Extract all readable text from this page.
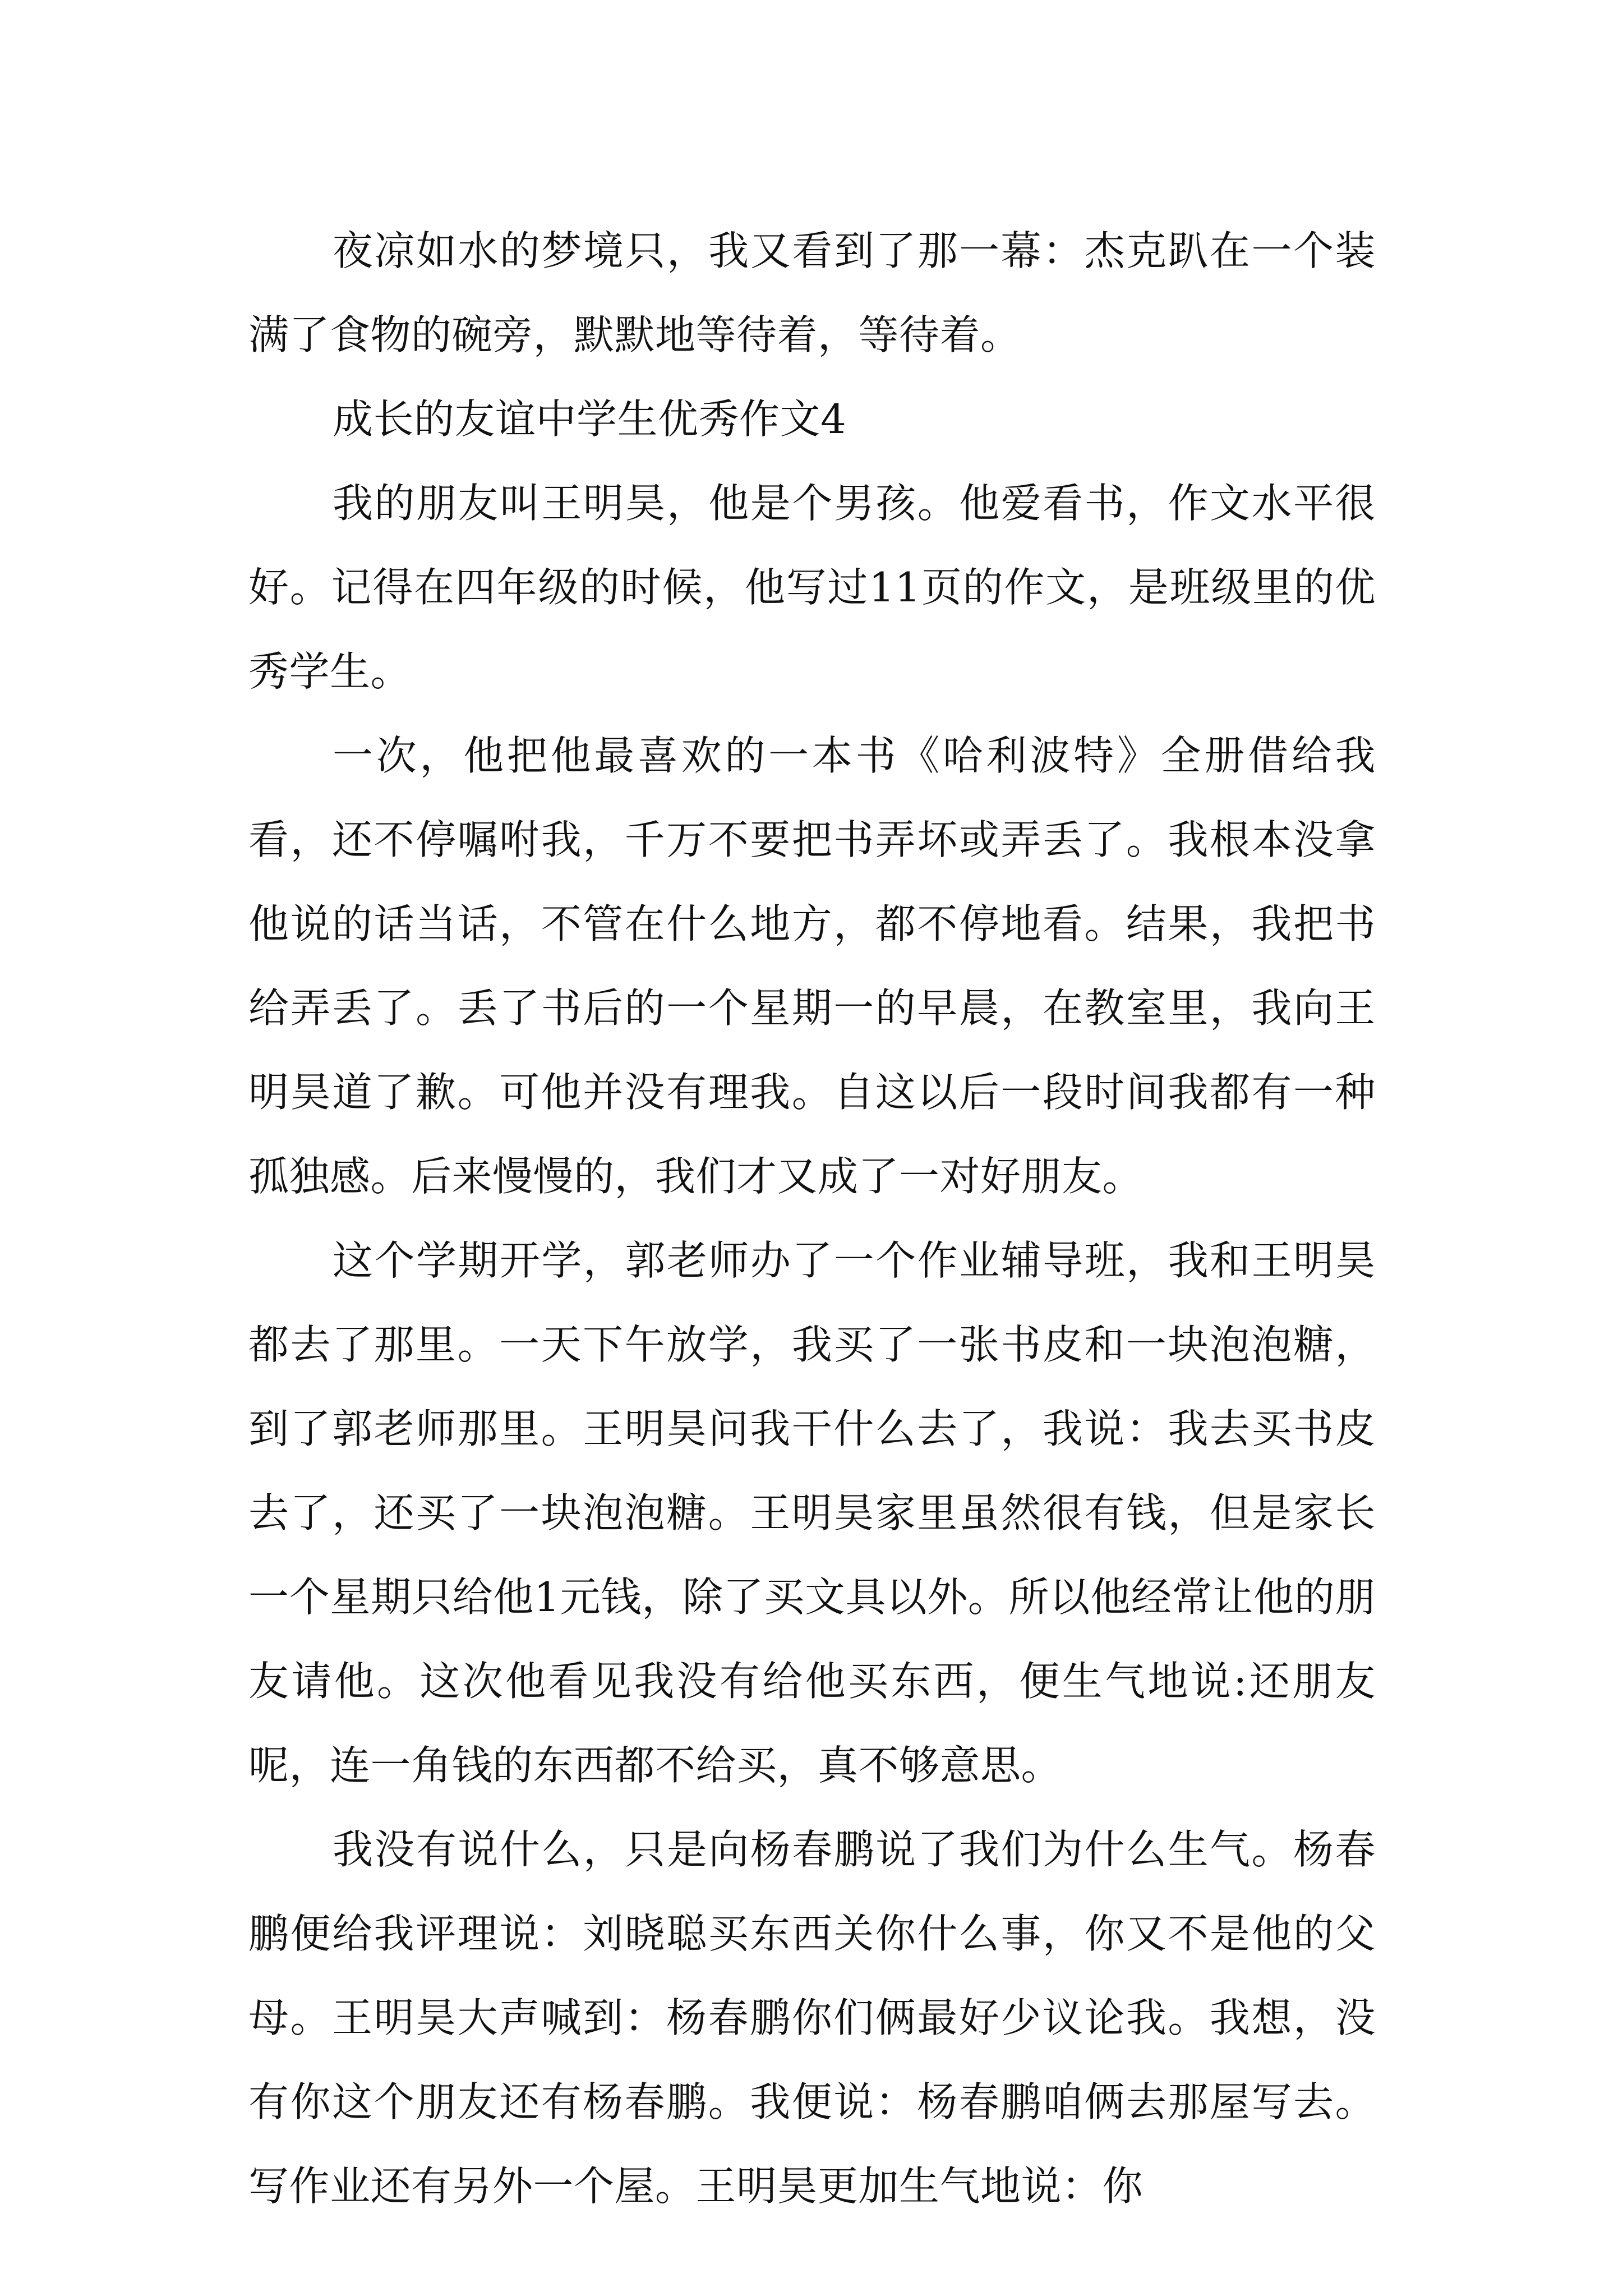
夜凉如水的梦境只，我又看到了那一幕：杰克趴在一个装满了食物的碗旁，默默地等待着，等待着。

成长的友谊中学生优秀作文4

我的朋友叫王明昊，他是个男孩。他爱看书，作文水平很好。记得在四年级的时候，他写过11页的作文，是班级里的优秀学生。

一次，他把他最喜欢的一本书《哈利波特》全册借给我看，还不停嘱咐我，千万不要把书弄坏或弄丢了。我根本没拿他说的话当话，不管在什么地方，都不停地看。结果，我把书给弄丢了。丢了书后的一个星期一的早晨，在教室里，我向王明昊道了歉。可他并没有理我。自这以后一段时间我都有一种孤独感。后来慢慢的，我们才又成了一对好朋友。

这个学期开学，郭老师办了一个作业辅导班，我和王明昊都去了那里。一天下午放学，我买了一张书皮和一块泡泡糖，到了郭老师那里。王明昊问我干什么去了，我说：我去买书皮去了，还买了一块泡泡糖。王明昊家里虽然很有钱，但是家长一个星期只给他1元钱，除了买文具以外。所以他经常让他的朋友请他。这次他看见我没有给他买东西，便生气地说:还朋友呢，连一角钱的东西都不给买，真不够意思。

我没有说什么，只是向杨春鹏说了我们为什么生气。杨春鹏便给我评理说：刘晓聪买东西关你什么事，你又不是他的父母。王明昊大声喊到：杨春鹏你们俩最好少议论我。我想，没有你这个朋友还有杨春鹏。我便说：杨春鹏咱俩去那屋写去。写作业还有另外一个屋。王明昊更加生气地说：你
